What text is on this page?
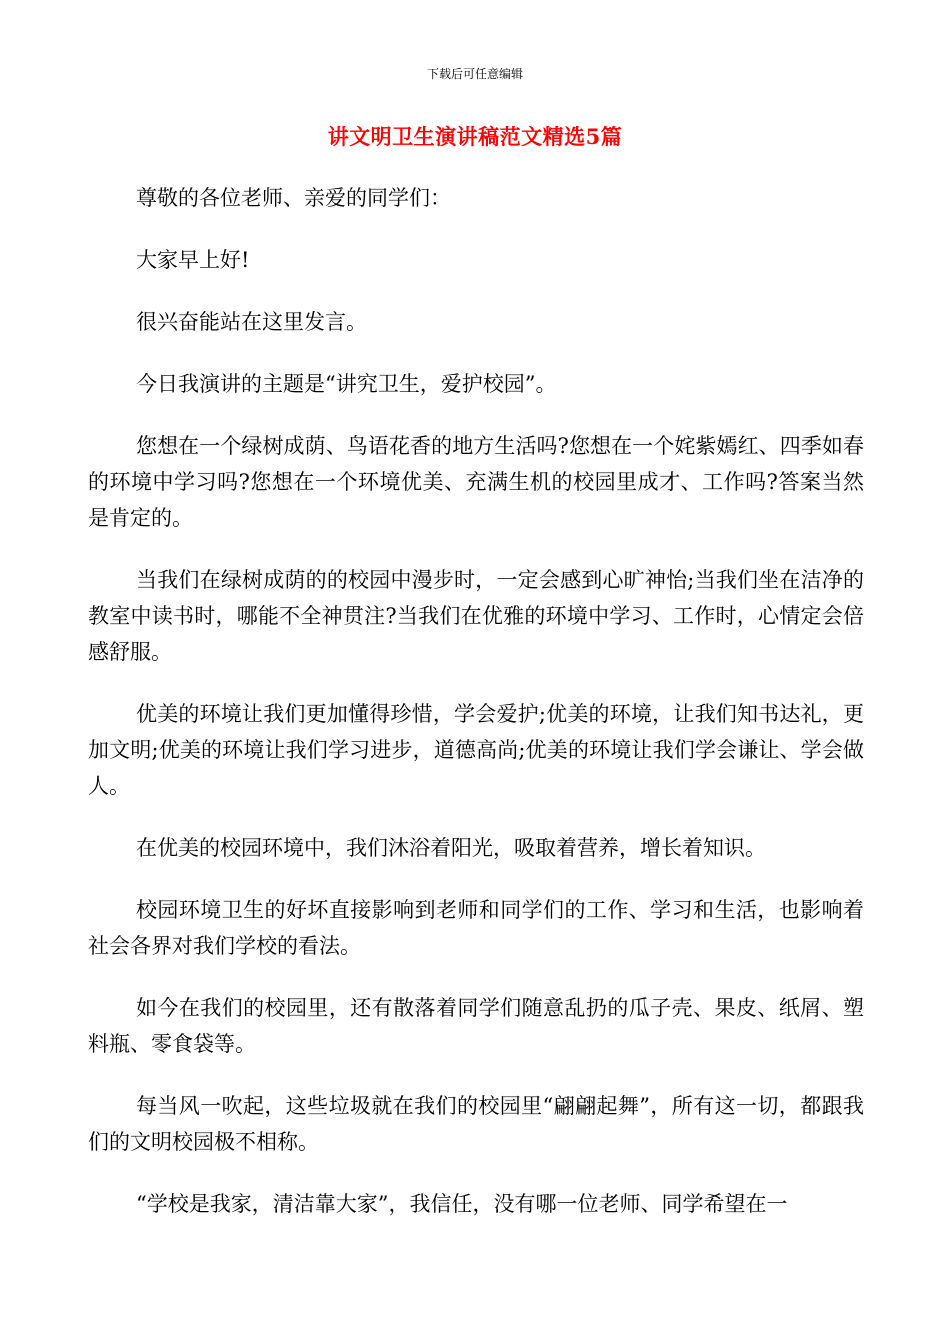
下载后可任意编辑
讲文明卫生演讲稿范文精选5篇

尊敬的各位老师、亲爱的同学们：

大家早上好!

很兴奋能站在这里发言。

今日我演讲的主题是“讲究卫生，爱护校园”。

您想在一个绿树成荫、鸟语花香的地方生活吗?您想在一个姹紫嫣红、四季如春的环境中学习吗?您想在一个环境优美、充满生机的校园里成才、工作吗?答案当然是肯定的。

当我们在绿树成荫的的校园中漫步时，一定会感到心旷神怡;当我们坐在洁净的教室中读书时，哪能不全神贯注?当我们在优雅的环境中学习、工作时，心情定会倍感舒服。

优美的环境让我们更加懂得珍惜，学会爱护;优美的环境，让我们知书达礼，更加文明;优美的环境让我们学习进步，道德高尚;优美的环境让我们学会谦让、学会做人。

在优美的校园环境中，我们沐浴着阳光，吸取着营养，增长着知识。

校园环境卫生的好坏直接影响到老师和同学们的工作、学习和生活，也影响着社会各界对我们学校的看法。

如今在我们的校园里，还有散落着同学们随意乱扔的瓜子壳、果皮、纸屑、塑料瓶、零食袋等。

每当风一吹起，这些垃圾就在我们的校园里“翩翩起舞”，所有这一切，都跟我们的文明校园极不相称。

“学校是我家，清洁靠大家”，我信任，没有哪一位老师、同学希望在一
